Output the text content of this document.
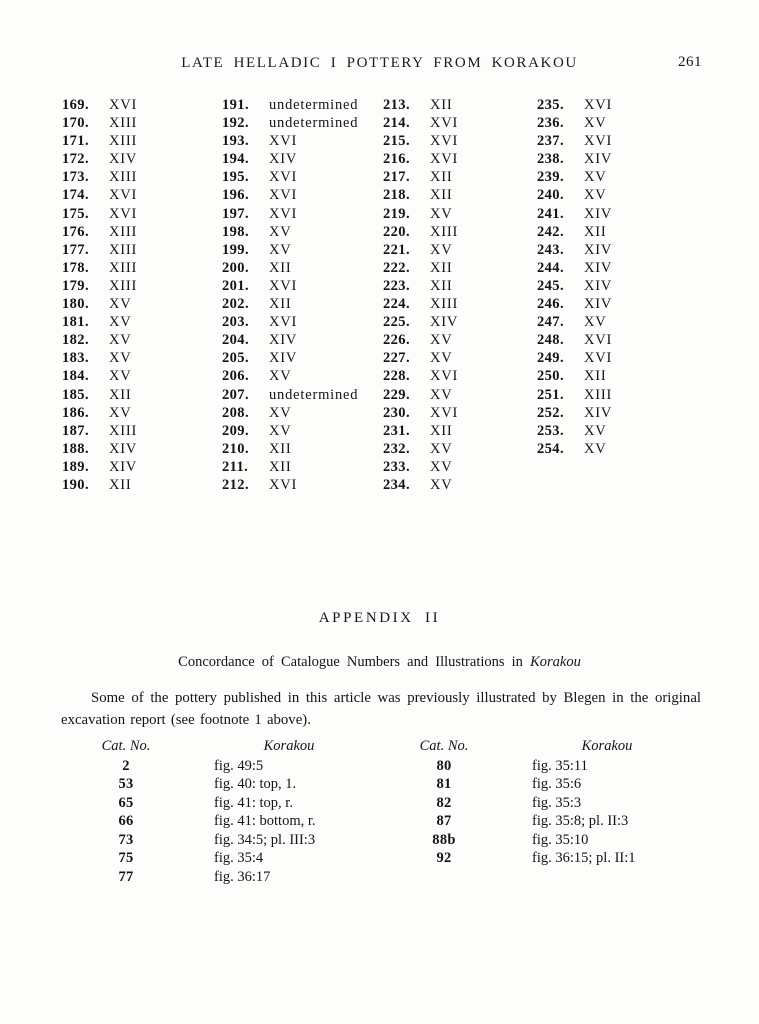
LATE HELLADIC I POTTERY FROM KORAKOU	261
169. XVI
170. XIII
171. XIII
172. XIV
173. XIII
174. XVI
175. XVI
176. XIII
177. XIII
178. XIII
179. XIII
180. XV
181. XV
182. XV
183. XV
184. XV
185. XII
186. XV
187. XIII
188. XIV
189. XIV
190. XII
191. undetermined
192. undetermined
193. XVI
194. XIV
195. XVI
196. XVI
197. XVI
198. XV
199. XV
200. XII
201. XVI
202. XII
203. XVI
204. XIV
205. XIV
206. XV
207. undetermined
208. XV
209. XV
210. XII
211. XII
212. XVI
213. XII
214. XVI
215. XVI
216. XVI
217. XII
218. XII
219. XV
220. XIII
221. XV
222. XII
223. XII
224. XIII
225. XIV
226. XV
227. XV
228. XVI
229. XV
230. XVI
231. XII
232. XV
233. XV
234. XV
235. XVI
236. XV
237. XVI
238. XIV
239. XV
240. XV
241. XIV
242. XII
243. XIV
244. XIV
245. XIV
246. XIV
247. XV
248. XVI
249. XVI
250. XII
251. XIII
252. XIV
253. XV
254. XV
APPENDIX II
Concordance of Catalogue Numbers and Illustrations in Korakou
Some of the pottery published in this article was previously illustrated by Blegen in the original excavation report (see footnote 1 above).
Cat. No.	Korakou
2	fig. 49:5
53	fig. 40: top, 1.
65	fig. 41: top, r.
66	fig. 41: bottom, r.
73	fig. 34:5; pl. III:3
75	fig. 35:4
77	fig. 36:17
Cat. No.	Korakou
80	fig. 35:11
81	fig. 35:6
82	fig. 35:3
87	fig. 35:8; pl. II:3
88b	fig. 35:10
92	fig. 36:15; pl. II:1
